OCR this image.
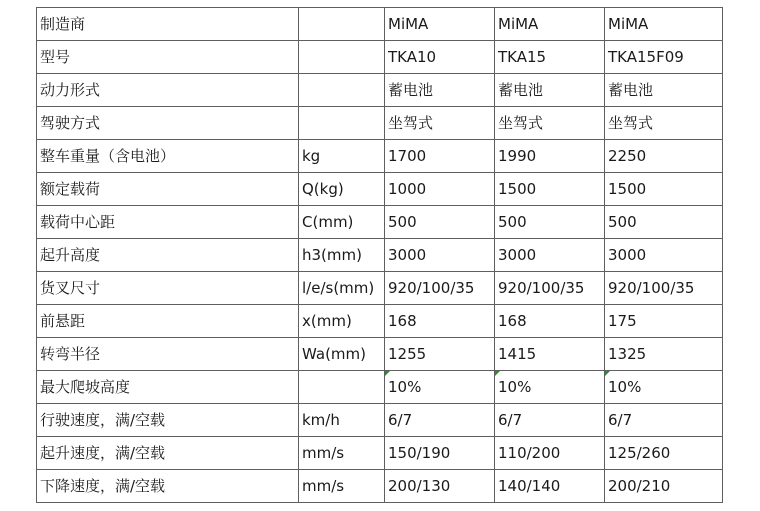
制造商		MiMA	MiMA	MiMA
型号		TKA10	TKA15	TKA15F09
动力形式		蓄电池	蓄电池	蓄电池
驾驶方式		坐驾式	坐驾式	坐驾式
整车重量（含电池）	kg	1700	1990	2250
额定载荷	Q(kg)	1000	1500	1500
载荷中心距	C(mm)	500	500	500
起升高度	h3(mm)	3000	3000	3000
货叉尺寸	l/e/s(mm)	920/100/35	920/100/35	920/100/35
前悬距	x(mm)	168	168	175
转弯半径	Wa(mm)	1255	1415	1325
最大爬坡高度		10%	10%	10%
行驶速度，满/空载	km/h	6/7	6/7	6/7
起升速度，满/空载	mm/s	150/190	110/200	125/260
下降速度，满/空载	mm/s	200/130	140/140	200/210
